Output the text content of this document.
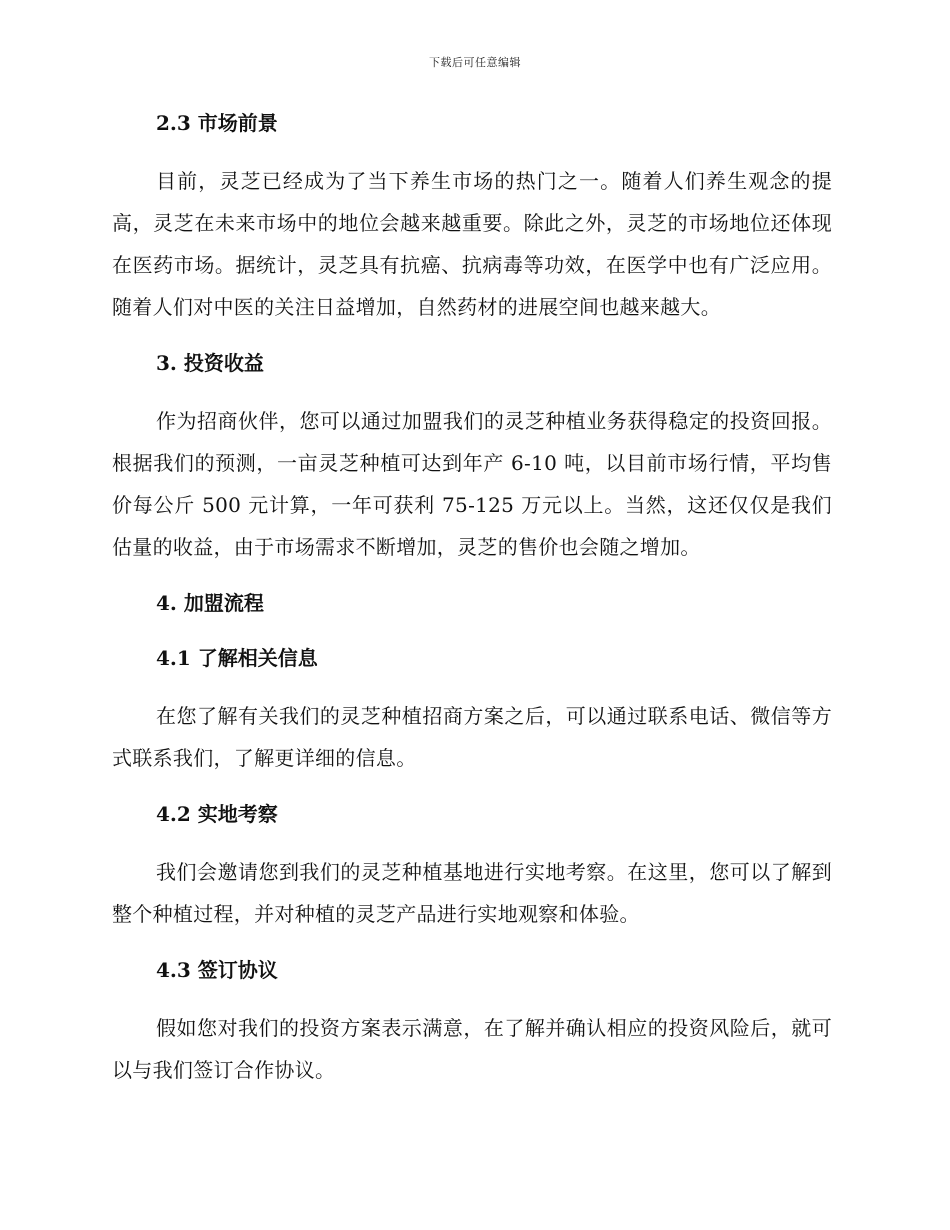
下载后可任意编辑
2.3 市场前景

目前，灵芝已经成为了当下养生市场的热门之一。随着人们养生观念的提高，灵芝在未来市场中的地位会越来越重要。除此之外，灵芝的市场地位还体现在医药市场。据统计，灵芝具有抗癌、抗病毒等功效，在医学中也有广泛应用。随着人们对中医的关注日益增加，自然药材的进展空间也越来越大。

3. 投资收益

作为招商伙伴，您可以通过加盟我们的灵芝种植业务获得稳定的投资回报。根据我们的预测，一亩灵芝种植可达到年产 6-10 吨，以目前市场行情，平均售价每公斤 500 元计算，一年可获利 75-125 万元以上。当然，这还仅仅是我们估量的收益，由于市场需求不断增加，灵芝的售价也会随之增加。

4. 加盟流程
4.1 了解相关信息

在您了解有关我们的灵芝种植招商方案之后，可以通过联系电话、微信等方式联系我们，了解更详细的信息。

4.2 实地考察

我们会邀请您到我们的灵芝种植基地进行实地考察。在这里，您可以了解到整个种植过程，并对种植的灵芝产品进行实地观察和体验。

4.3 签订协议

假如您对我们的投资方案表示满意，在了解并确认相应的投资风险后，就可以与我们签订合作协议。
